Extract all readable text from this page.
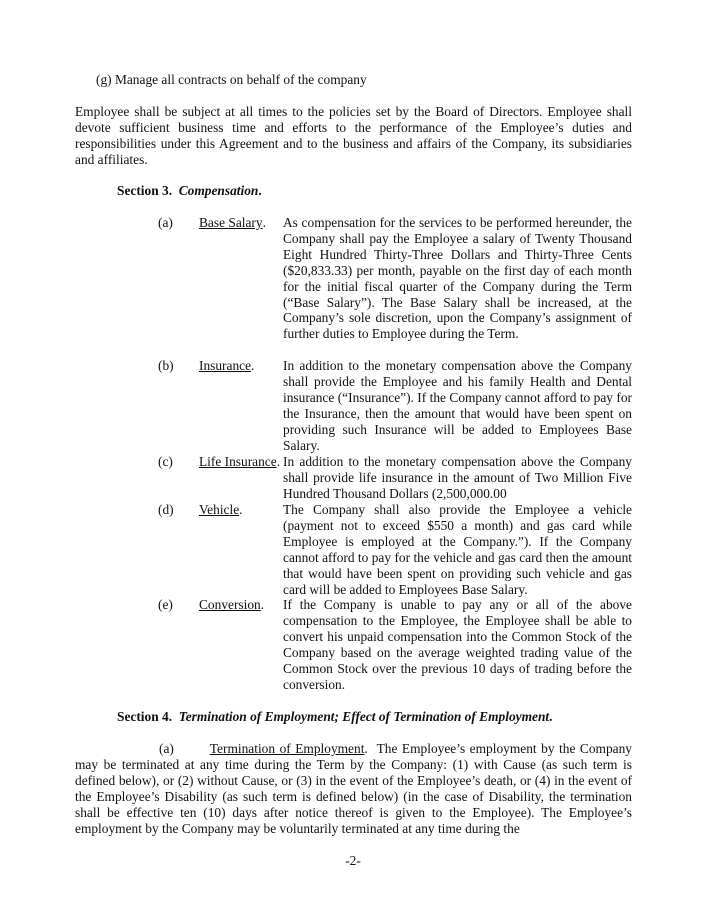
(g) Manage all contracts on behalf of the company
Employee shall be subject at all times to the policies set by the Board of Directors. Employee shall devote sufficient business time and efforts to the performance of the Employee’s duties and responsibilities under this Agreement and to the business and affairs of the Company, its subsidiaries and affiliates.
Section 3. Compensation.
(a) Base Salary. As compensation for the services to be performed hereunder, the Company shall pay the Employee a salary of Twenty Thousand Eight Hundred Thirty-Three Dollars and Thirty-Three Cents ($20,833.33) per month, payable on the first day of each month for the initial fiscal quarter of the Company during the Term (“Base Salary”). The Base Salary shall be increased, at the Company’s sole discretion, upon the Company’s assignment of further duties to Employee during the Term.
(b) Insurance. In addition to the monetary compensation above the Company shall provide the Employee and his family Health and Dental insurance (“Insurance”). If the Company cannot afford to pay for the Insurance, then the amount that would have been spent on providing such Insurance will be added to Employees Base Salary.
(c) Life Insurance. In addition to the monetary compensation above the Company shall provide life insurance in the amount of Two Million Five Hundred Thousand Dollars (2,500,000.00
(d) Vehicle.	The Company shall also provide the Employee a vehicle (payment not to exceed $550 a month) and gas card while Employee is employed at the Company.”). If the Company cannot afford to pay for the vehicle and gas card then the amount that would have been spent on providing such vehicle and gas card will be added to Employees Base Salary.
(e) Conversion. If the Company is unable to pay any or all of the above compensation to the Employee, the Employee shall be able to convert his unpaid compensation into the Common Stock of the Company based on the average weighted trading value of the Common Stock over the previous 10 days of trading before the conversion.
Section 4. Termination of Employment; Effect of Termination of Employment.
(a)	Termination of Employment. The Employee’s employment by the Company may be terminated at any time during the Term by the Company: (1) with Cause (as such term is defined below), or (2) without Cause, or (3) in the event of the Employee’s death, or (4) in the event of the Employee’s Disability (as such term is defined below) (in the case of Disability, the termination shall be effective ten (10) days after notice thereof is given to the Employee). The Employee’s employment by the Company may be voluntarily terminated at any time during the
-2-
